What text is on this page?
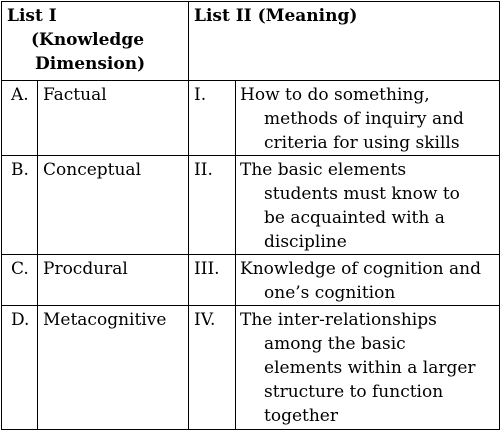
List I
(Knowledge
Dimension)		List II (Meaning)	
A.	Factual	I.	How to do something,
methods of inquiry and
criteria for using skills

B.	Conceptual	II.	The basic elements
students must know to
be acquainted with a
discipline

C.	Procdural	III.	Knowledge of cognition and
one’s cognition

D.	Metacognitive	IV.	The inter-relationships
among the basic
elements within a larger
structure to function
together
